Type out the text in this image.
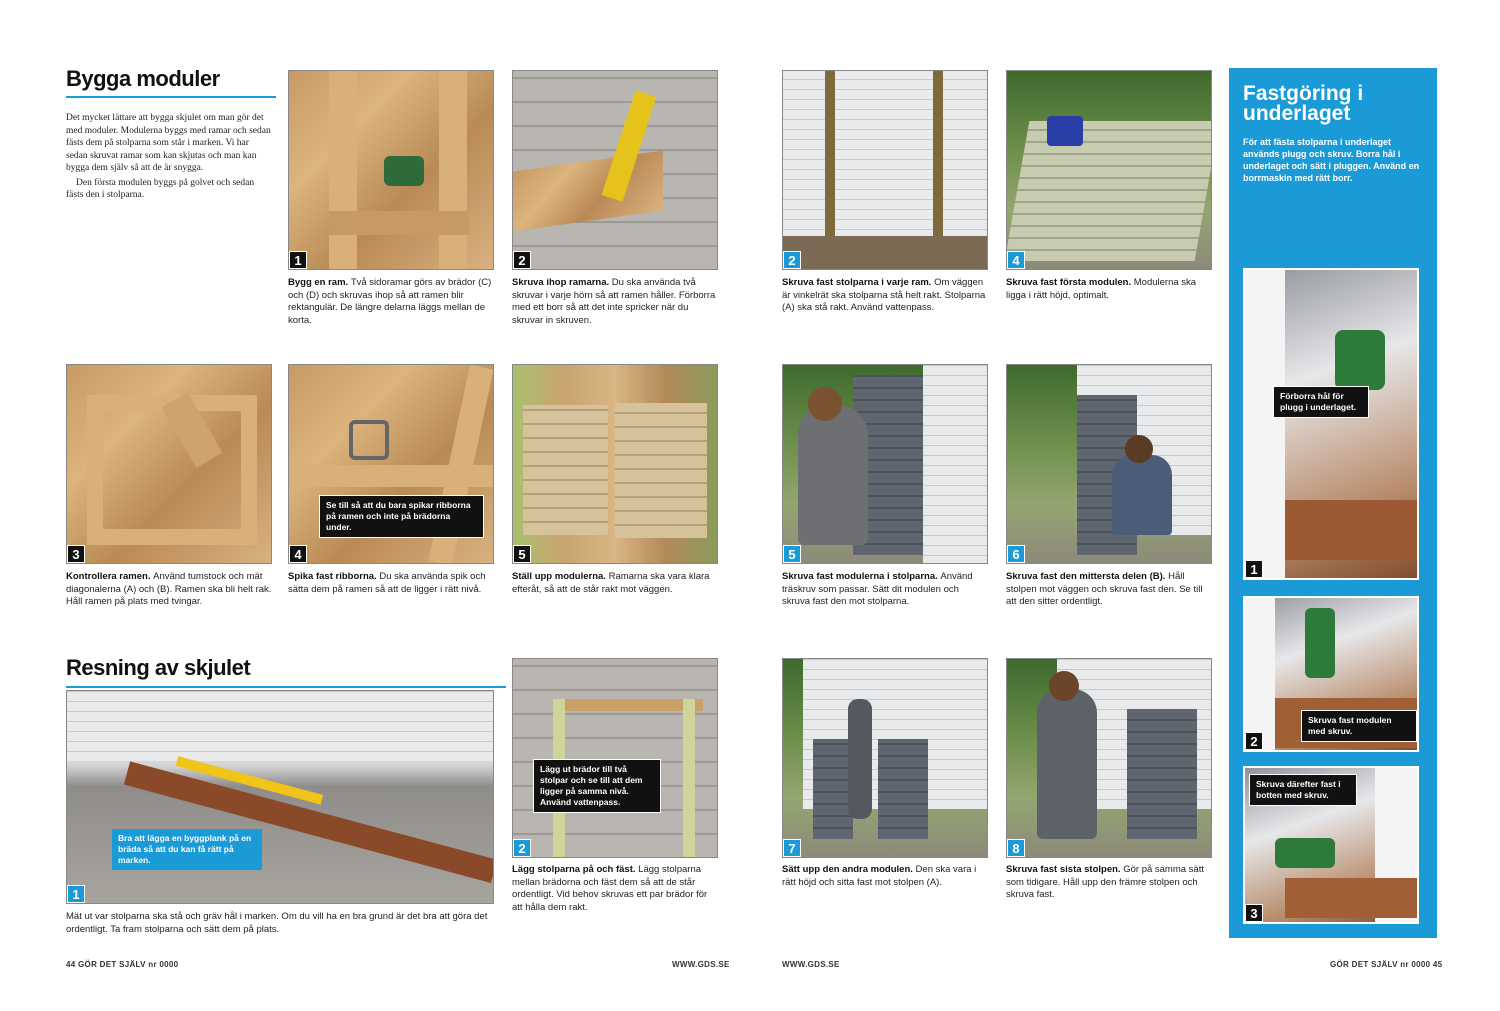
Bygga moduler

Det mycket lättare att bygga skjulet om man gör det med moduler. Modulerna byggs med ramar och sedan fästs dem på stolparna som står i marken. Vi har sedan skruvat ramar som kan skjutas och man kan bygga dem själv så att de är snygga.

Den första modulen byggs på golvet och sedan fästs den i stolparna.

1	2
Bygg en ram. Två sidoramar görs av brädor (C) och (D) och skruvas ihop så att ramen blir rektangulär. De längre delarna läggs mellan de korta.
Skruva ihop ramarna. Du ska använda två skruvar i varje hörn så att ramen håller. Förborra med ett borr så att det inte spricker när du skruvar in skruven.
3
Se till så att du bara spikar ribborna på ramen och inte på brädorna under.
4	5
Kontrollera ramen. Använd tumstock och mät diagonalerna (A) och (B). Ramen ska bli helt rak. Håll ramen på plats med tvingar.
Spika fast ribborna. Du ska använda spik och sätta dem på ramen så att de ligger i rätt nivå.
Ställ upp modulerna. Ramarna ska vara klara efteråt, så att de står rakt mot väggen.
Resning av skjulet
Bra att lägga en byggplank på en bräda så att du kan få rätt på marken.
1
Lägg ut brädor till två stolpar och se till att dem ligger på samma nivå. Använd vattenpass.
2
Mät ut var stolparna ska stå och gräv hål i marken. Om du vill ha en bra grund är det bra att göra det ordentligt. Ta fram stolparna och sätt dem på plats.
Lägg stolparna på och fäst. Lägg stolparna mellan brädorna och fäst dem så att de står ordentligt. Vid behov skruvas ett par brädor för att hålla dem rakt.
44 GÖR DET SJÄLV nr 0000	WWW.GDS.SE
2	4
Skruva fast stolparna i varje ram. Om väggen är vinkelrät ska stolparna stå helt rakt. Stolparna (A) ska stå rakt. Använd vattenpass.
Skruva fast första modulen. Modulerna ska ligga i rätt höjd, optimalt.
5	6
Skruva fast modulerna i stolparna. Använd träskruv som passar. Sätt dit modulen och skruva fast den mot stolparna.
Skruva fast den mittersta delen (B). Håll stolpen mot väggen och skruva fast den. Se till att den sitter ordentligt.
7	8
Sätt upp den andra modulen. Den ska vara i rätt höjd och sitta fast mot stolpen (A).
Skruva fast sista stolpen. Gör på samma sätt som tidigare. Håll upp den främre stolpen och skruva fast.
Fastgöring i underlaget
För att fästa stolparna i underlaget används plugg och skruv. Borra hål i underlaget och sätt i pluggen. Använd en borrmaskin med rätt borr.
Förborra hål för plugg i underlaget.
1
Skruva fast modulen med skruv.
2
Skruva därefter fast i botten med skruv.
3
WWW.GDS.SE	GÖR DET SJÄLV nr 0000 45
